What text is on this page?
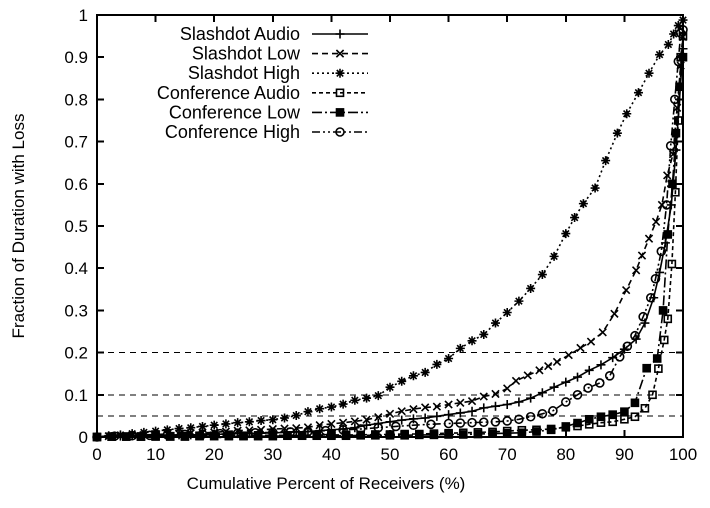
Cumulative Percent of Receivers (%)
Fraction of Duration with Loss
0	10 20 30 40 50 60 70 80 90 100
0
0.1
0.2
0.3
0.4
0.5
0.6
0.7
0.8
0.9
1
Slashdot Audio
Slashdot Low
Slashdot High
Conference Audio
Conference Low
Conference High
